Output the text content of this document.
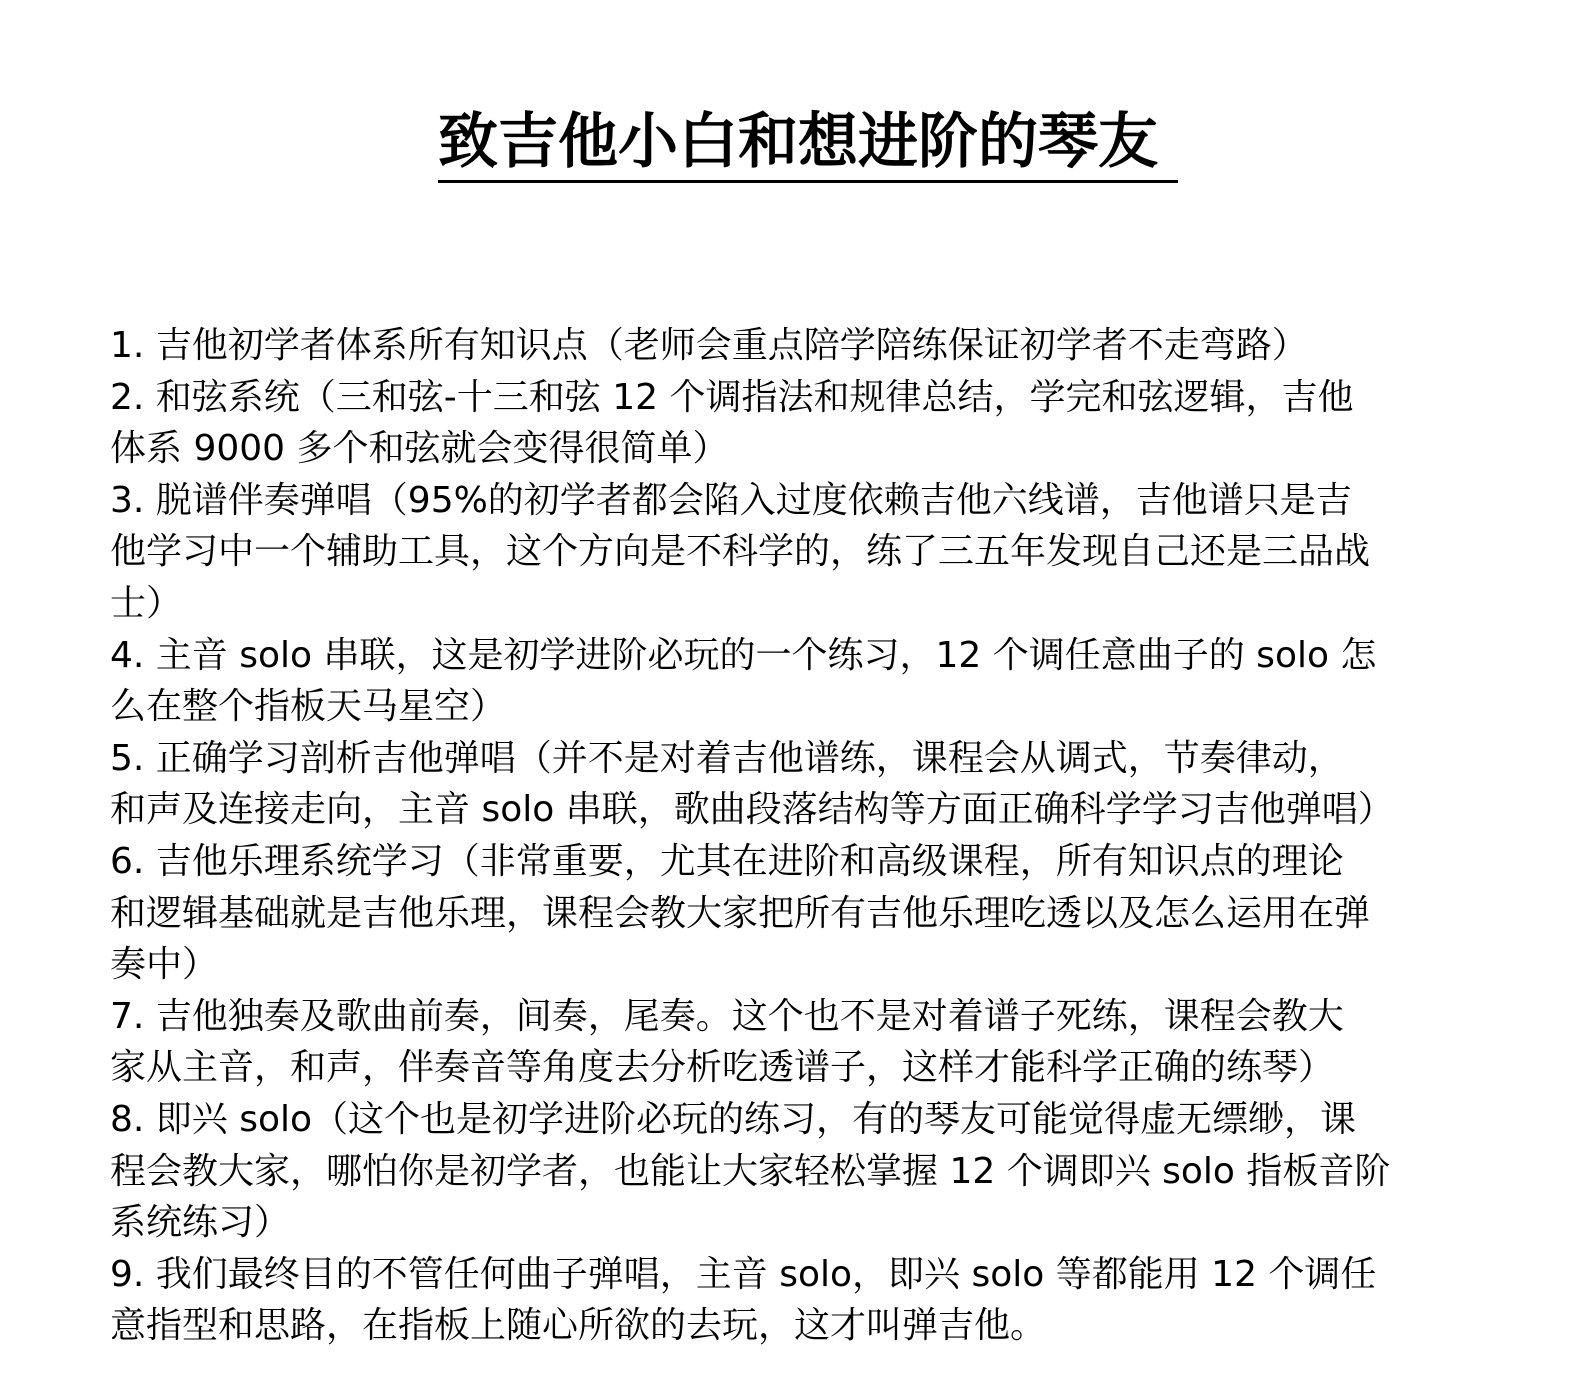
致吉他小白和想进阶的琴友
1. 吉他初学者体系所有知识点（老师会重点陪学陪练保证初学者不走弯路）
2. 和弦系统（三和弦-十三和弦 12 个调指法和规律总结，学完和弦逻辑，吉他
体系 9000 多个和弦就会变得很简单）
3. 脱谱伴奏弹唱（95%的初学者都会陷入过度依赖吉他六线谱，吉他谱只是吉
他学习中一个辅助工具，这个方向是不科学的，练了三五年发现自己还是三品战
士）
4. 主音 solo 串联，这是初学进阶必玩的一个练习，12 个调任意曲子的 solo 怎
么在整个指板天马星空）
5. 正确学习剖析吉他弹唱（并不是对着吉他谱练，课程会从调式，节奏律动，
和声及连接走向，主音 solo 串联，歌曲段落结构等方面正确科学学习吉他弹唱）
6. 吉他乐理系统学习（非常重要，尤其在进阶和高级课程，所有知识点的理论
和逻辑基础就是吉他乐理，课程会教大家把所有吉他乐理吃透以及怎么运用在弹
奏中）
7. 吉他独奏及歌曲前奏，间奏，尾奏。这个也不是对着谱子死练，课程会教大
家从主音，和声，伴奏音等角度去分析吃透谱子，这样才能科学正确的练琴）
8. 即兴 solo（这个也是初学进阶必玩的练习，有的琴友可能觉得虚无缥缈，课
程会教大家，哪怕你是初学者，也能让大家轻松掌握 12 个调即兴 solo 指板音阶
系统练习）
9. 我们最终目的不管任何曲子弹唱，主音 solo，即兴 solo 等都能用 12 个调任
意指型和思路，在指板上随心所欲的去玩，这才叫弹吉他。
